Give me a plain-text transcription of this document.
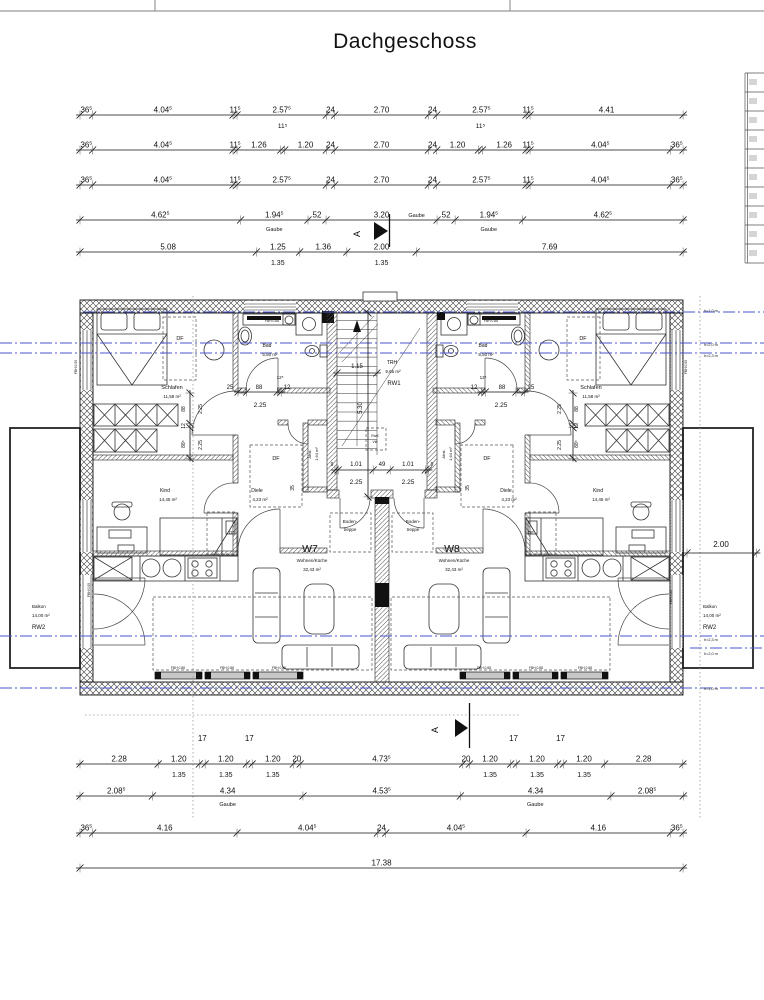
Dachgeschoss
$36^5$	4.04$^5$	$11^5$	2.57$^5$	24	2.70	24	2.57$^5$	$11^5$	4.41
11⁵	11⁵
$36^5$	4.04$^5$	$11^5$ 1.26	1.20 24	2.70	24 1.20	1.26 $11^5$	4.04$^5$	$36^5$
$36^5$	4.04$^5$	$11^5$	2.57$^5$	24	2.70	24	2.57$^5$	$11^5$	4.04$^5$	$36^5$
4.62$^5$	1.94$^5$	52	3.20	52	1.94$^5$	4.62$^5$
Gaube
Gaube
Gaube
5.08	1.25	1.36	2.00	7.69
1.35	1.35
2.28	1.20
17
1.20
17
1.20 20	4.73$^5$	20 1.20
17
1.20
17
1.20	2.28
1.35	1.35	1.35	1.35	1.35	1.35
2.08$^5$	4.34	4.53$^5$	4.34	2.08$^5$
Gaube	Gaube
$36^5$	4.16	4.04$^5$	24	4.04$^5$	4.16	$36^5$
17.38
25	88	12
2.25
12	88	25
2.25
9	1.01	49	1.01	9
2.25	2.25
1.15
5.30
88
12
88⁵
2.25
2.25
88
12
88⁵
2.25
2.25
35	35
12⁵	12⁵
2.00
Schlafen
11,58 m²
Schlafen
11,58 m²
Bad
5,50 m²
Bad
5,50 m²
Kind
14,45 m²
Kind
14,45 m²
Diele
4,23 m²
Diele
4,23 m²
Abst. 1,64 m²	Abst. 1,64 m²
DF	DF
DF	DF
DF	DF
TRH
9,65 m²
RW1
W7
Wohnen/Küche
32,43 m²
W8
Wohnen/Küche
32,43 m²
Boden-
treppe
Boden-
treppe
Balkon
14,00 m²
RW2
Balkon
14,00 m²
RW2
h=1,0 m
h=2,0 m
h=2,3 m
h=2,3 m
h=2,0 m
h=1,0 m
FBH 0.88	FBH 0.88	FBH 0.88	FBH 0.88	FBH 0.88	FBH 0.88
FBH 0.88	FBH 0.88
FBH 0.00
FBH 0.00
FBH 0.00
FBH 0.88
RwK
Vtlr
A
A
